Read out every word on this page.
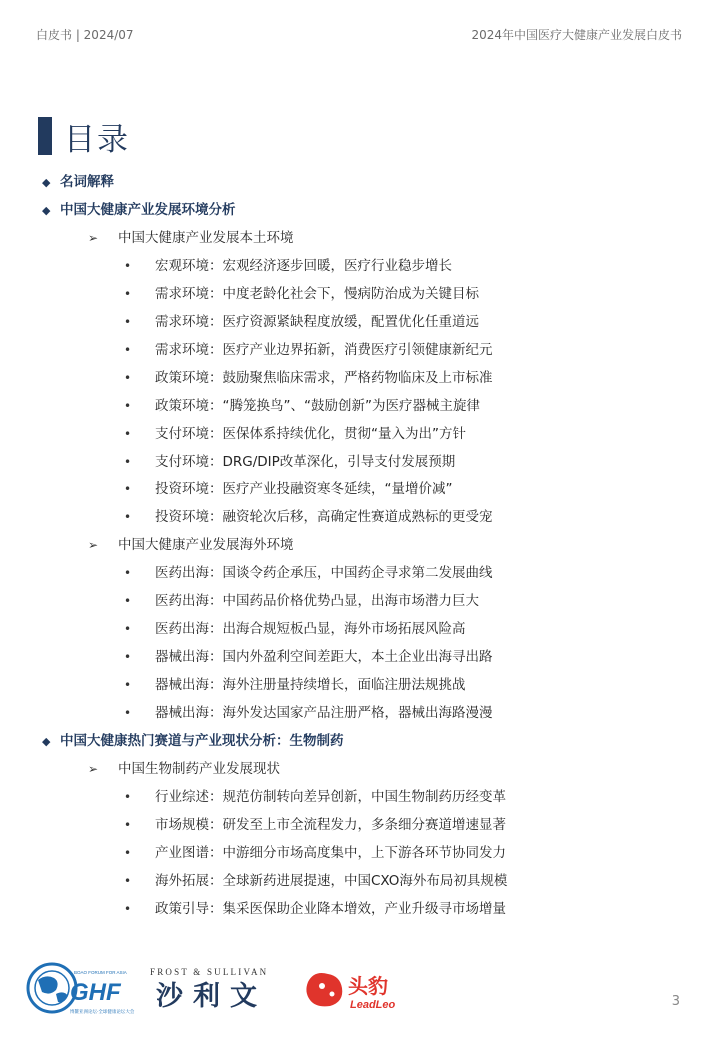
白皮书 | 2024/07	2024年中国医疗大健康产业发展白皮书
目录
◆ 名词解释
◆ 中国大健康产业发展环境分析
➢ 中国大健康产业发展本土环境
• 宏观环境：宏观经济逐步回暖，医疗行业稳步增长
• 需求环境：中度老龄化社会下，慢病防治成为关键目标
• 需求环境：医疗资源紧缺程度放缓，配置优化任重道远
• 需求环境：医疗产业边界拓新，消费医疗引领健康新纪元
• 政策环境：鼓励聚焦临床需求，严格药物临床及上市标准
• 政策环境：“腾笼换鸟”、“鼓励创新”为医疗器械主旋律
• 支付环境：医保体系持续优化，贯彻“量入为出”方针
• 支付环境：DRG/DIP改革深化，引导支付发展预期
• 投资环境：医疗产业投融资寒冬延续，“量增价减”
• 投资环境：融资轮次后移，高确定性赛道成熟标的更受宠
➢ 中国大健康产业发展海外环境
• 医药出海：国谈令药企承压，中国药企寻求第二发展曲线
• 医药出海：中国药品价格优势凸显，出海市场潜力巨大
• 医药出海：出海合规短板凸显，海外市场拓展风险高
• 器械出海：国内外盈利空间差距大，本土企业出海寻出路
• 器械出海：海外注册量持续增长，面临注册法规挑战
• 器械出海：海外发达国家产品注册严格，器械出海路漫漫
◆ 中国大健康热门赛道与产业现状分析：生物制药
➢ 中国生物制药产业发展现状
• 行业综述：规范仿制转向差异创新，中国生物制药历经变革
• 市场规模：研发至上市全流程发力，多条细分赛道增速显著
• 产业图谱：中游细分市场高度集中，上下游各环节协同发力
• 海外拓展：全球新药进展提速，中国CXO海外布局初具规模
• 政策引导：集采医保助企业降本增效，产业升级寻市场增量
GHF
BOAO FORUM FOR ASIA
博鳌亚洲论坛·全球健康论坛大会
FROST & SULLIVAN
沙利文	头豹
LeadLeo	3
